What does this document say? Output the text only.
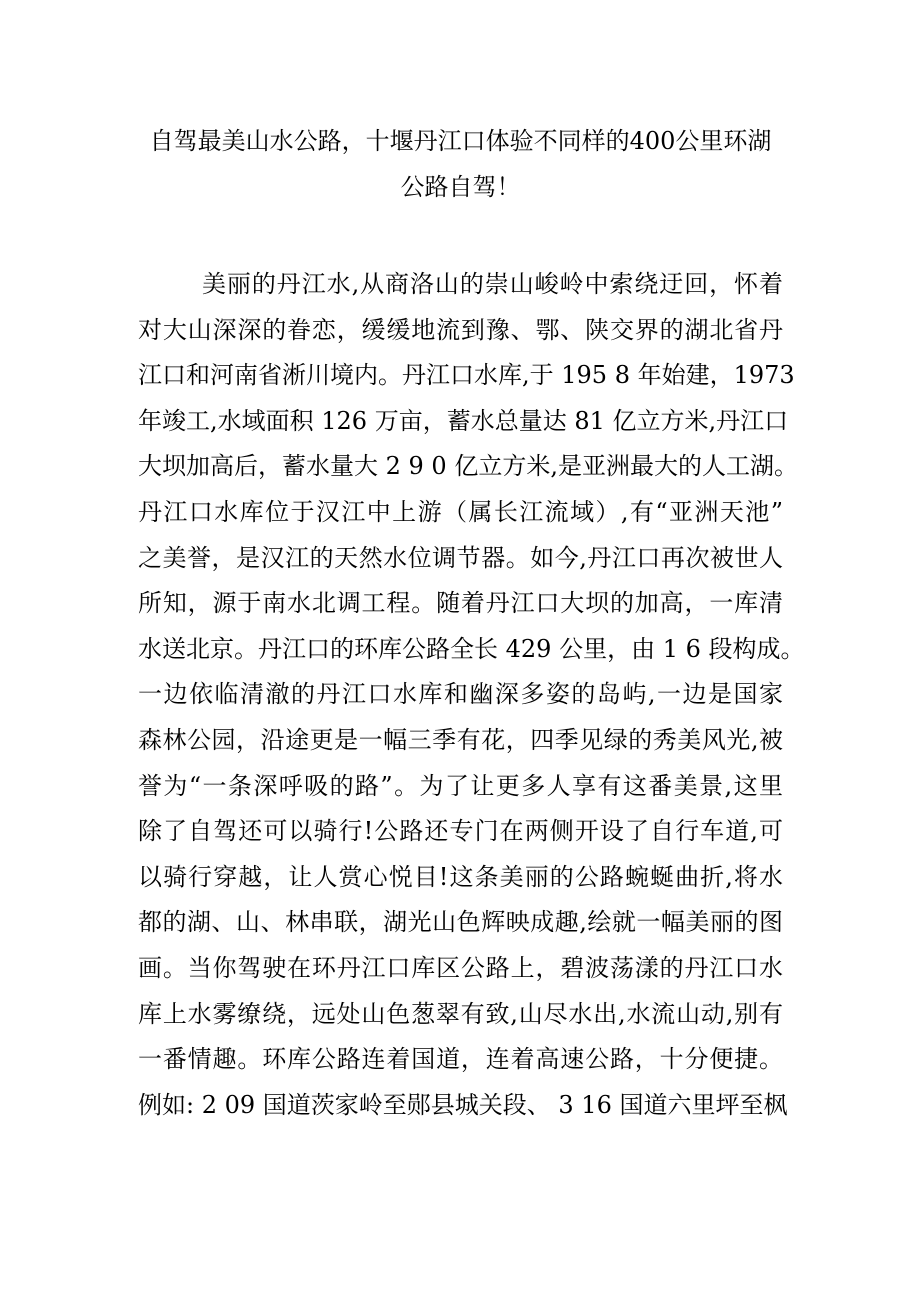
自驾最美山水公路，十堰丹江口体验不同样的400公里环湖
公路自驾！
美丽的丹江水,从商洛山的崇山峻岭中索绕迂回，怀着
对大山深深的眷恋，缓缓地流到豫、鄂、陕交界的湖北省丹
江口和河南省淅川境内。丹江口水库,于 195 8 年始建，1973
年竣工,水域面积 126 万亩，蓄水总量达 81 亿立方米,丹江口
大坝加高后，蓄水量大 2 9 0 亿立方米,是亚洲最大的人工湖。
丹江口水库位于汉江中上游（属长江流域）,有“亚洲天池”
之美誉，是汉江的天然水位调节器。如今,丹江口再次被世人
所知，源于南水北调工程。随着丹江口大坝的加高，一库清
水送北京。丹江口的环库公路全长 429 公里，由 1 6 段构成。
一边依临清澈的丹江口水库和幽深多姿的岛屿,一边是国家
森林公园，沿途更是一幅三季有花，四季见绿的秀美风光,被
誉为“一条深呼吸的路”。为了让更多人享有这番美景,这里
除了自驾还可以骑行!公路还专门在两侧开设了自行车道,可
以骑行穿越，让人赏心悦目!这条美丽的公路蜿蜒曲折,将水
都的湖、山、林串联，湖光山色辉映成趣,绘就一幅美丽的图
画。当你驾驶在环丹江口库区公路上，碧波荡漾的丹江口水
库上水雾缭绕，远处山色葱翠有致,山尽水出,水流山动,别有
一番情趣。环库公路连着国道，连着高速公路，十分便捷。
例如: 2 09 国道茨家岭至郧县城关段、 3 16 国道六里坪至枫
